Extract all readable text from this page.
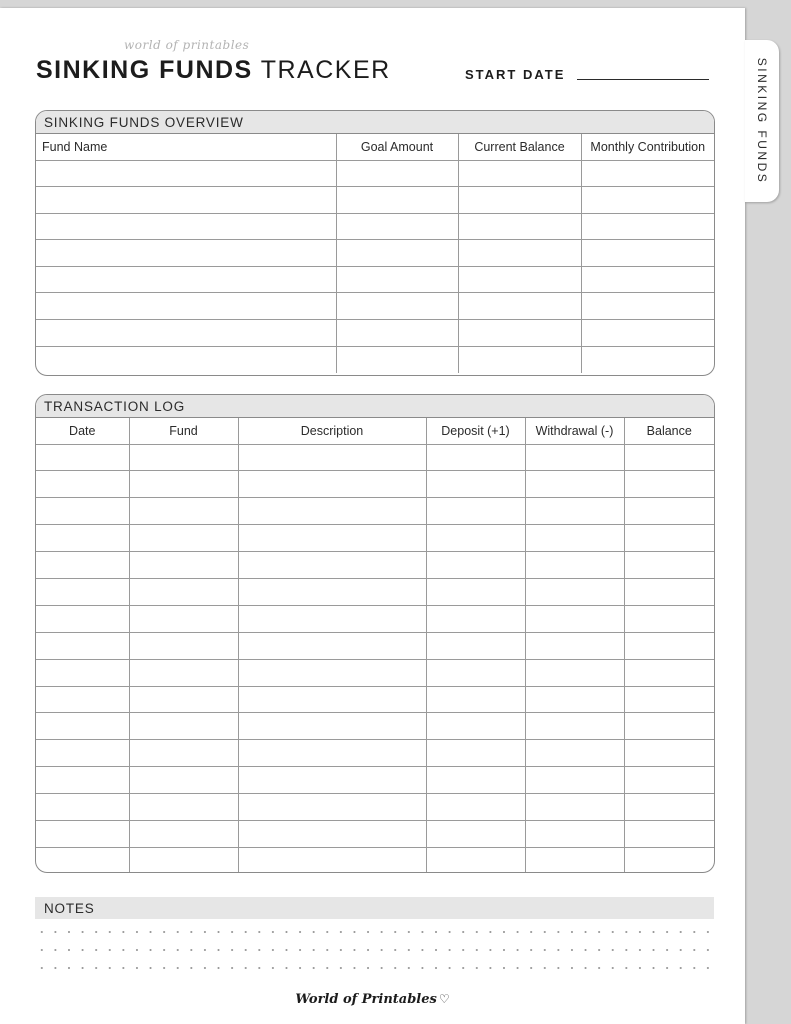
SINKING FUNDS
world of printables
SINKING FUNDS TRACKER	START DATE
SINKING FUNDS OVERVIEW
Fund Name	Goal Amount	Current Balance	Monthly Contribution

TRANSACTION LOG
Date	Fund	Description	Deposit (+1)	Withdrawal (-)	Balance

NOTES
World of Printables ♡
